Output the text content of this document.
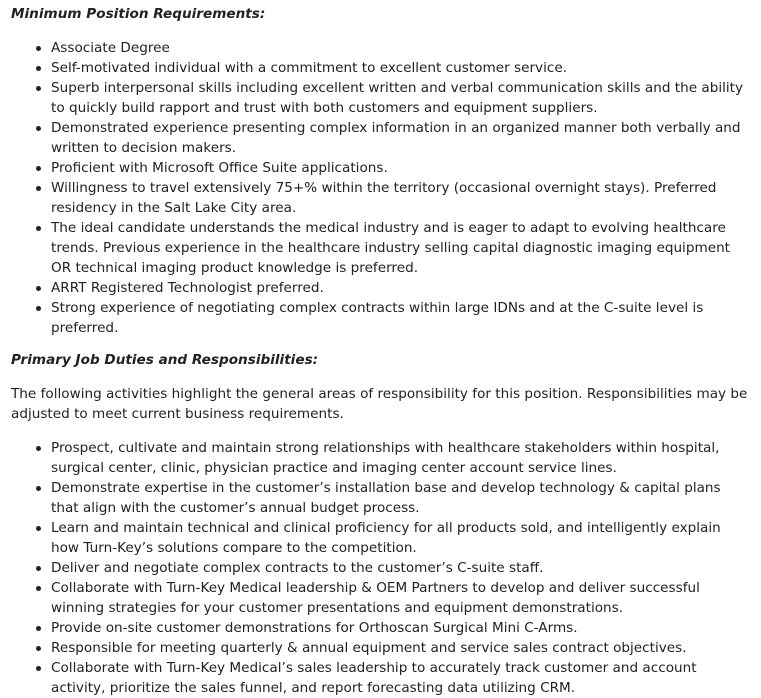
Minimum Position Requirements:
Associate Degree
Self-motivated individual with a commitment to excellent customer service.
Superb interpersonal skills including excellent written and verbal communication skills and the ability to quickly build rapport and trust with both customers and equipment suppliers.
Demonstrated experience presenting complex information in an organized manner both verbally and written to decision makers.
Proficient with Microsoft Office Suite applications.
Willingness to travel extensively 75+% within the territory (occasional overnight stays). Preferred residency in the Salt Lake City area.
The ideal candidate understands the medical industry and is eager to adapt to evolving healthcare trends. Previous experience in the healthcare industry selling capital diagnostic imaging equipment OR technical imaging product knowledge is preferred.
ARRT Registered Technologist preferred.
Strong experience of negotiating complex contracts within large IDNs and at the C-suite level is preferred.
Primary Job Duties and Responsibilities:

The following activities highlight the general areas of responsibility for this position. Responsibilities may be adjusted to meet current business requirements.

Prospect, cultivate and maintain strong relationships with healthcare stakeholders within hospital, surgical center, clinic, physician practice and imaging center account service lines.
Demonstrate expertise in the customer’s installation base and develop technology & capital plans that align with the customer’s annual budget process.
Learn and maintain technical and clinical proficiency for all products sold, and intelligently explain how Turn-Key’s solutions compare to the competition.
Deliver and negotiate complex contracts to the customer’s C-suite staff.
Collaborate with Turn-Key Medical leadership & OEM Partners to develop and deliver successful winning strategies for your customer presentations and equipment demonstrations.
Provide on-site customer demonstrations for Orthoscan Surgical Mini C-Arms.
Responsible for meeting quarterly & annual equipment and service sales contract objectives.
Collaborate with Turn-Key Medical’s sales leadership to accurately track customer and account activity, prioritize the sales funnel, and report forecasting data utilizing CRM.
